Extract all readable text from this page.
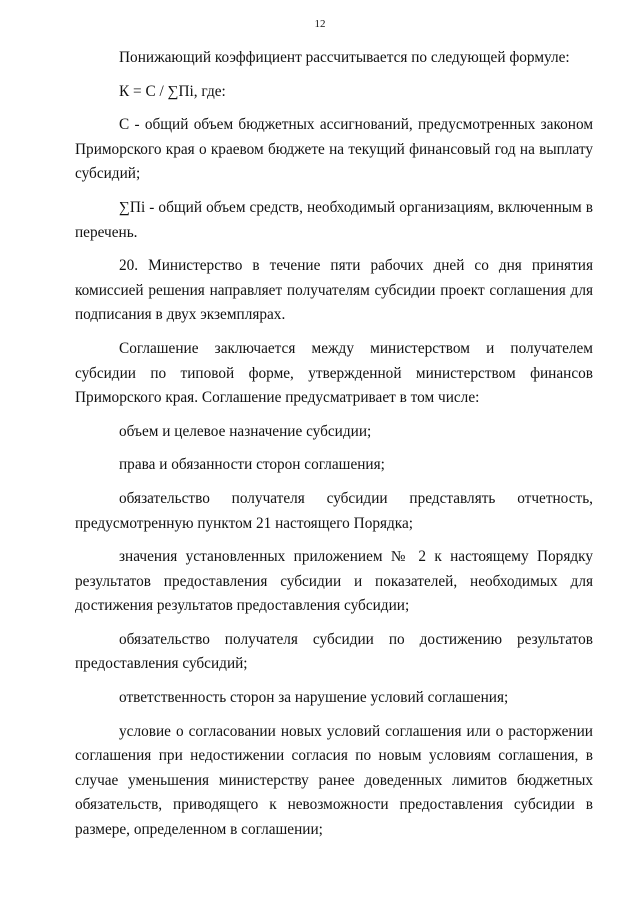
12

Понижающий коэффициент рассчитывается по следующей формуле:

К = С / ∑Пi, где:

С - общий объем бюджетных ассигнований, предусмотренных законом Приморского края о краевом бюджете на текущий финансовый год на выплату субсидий;

∑Пi - общий объем средств, необходимый организациям, включенным в перечень.

20. Министерство в течение пяти рабочих дней со дня принятия комиссией решения направляет получателям субсидии проект соглашения для подписания в двух экземплярах.

Соглашение заключается между министерством и получателем субсидии по типовой форме, утвержденной министерством финансов Приморского края. Соглашение предусматривает в том числе:

объем и целевое назначение субсидии;

права и обязанности сторон соглашения;

обязательство получателя субсидии представлять отчетность, предусмотренную пунктом 21 настоящего Порядка;

значения установленных приложением № 2 к настоящему Порядку результатов предоставления субсидии и показателей, необходимых для достижения результатов предоставления субсидии;

обязательство получателя субсидии по достижению результатов предоставления субсидий;

ответственность сторон за нарушение условий соглашения;

условие о согласовании новых условий соглашения или о расторжении соглашения при недостижении согласия по новым условиям соглашения, в случае уменьшения министерству ранее доведенных лимитов бюджетных обязательств, приводящего к невозможности предоставления субсидии в размере, определенном в соглашении;
